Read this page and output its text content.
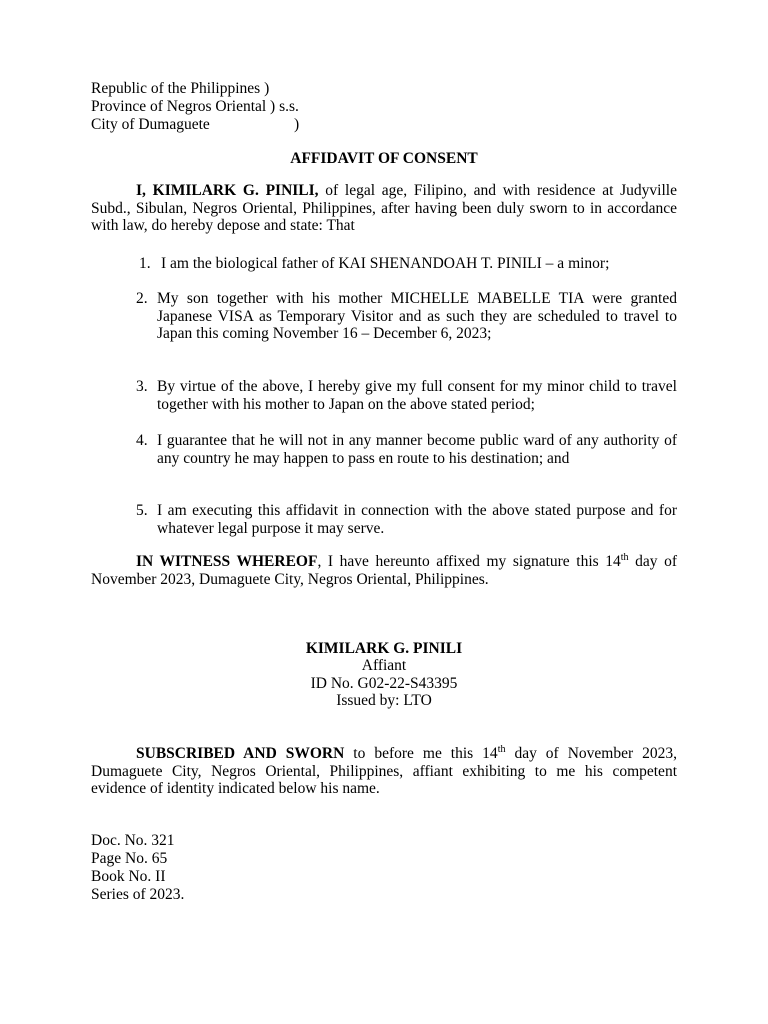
Republic of the Philippines )
Province of Negros Oriental ) s.s.
City of Dumaguete	)
AFFIDAVIT OF CONSENT
I, KIMILARK G. PINILI, of legal age, Filipino, and with residence at Judyville Subd., Sibulan, Negros Oriental, Philippines, after having been duly sworn to in accordance with law, do hereby depose and state: That
1. I am the biological father of KAI SHENANDOAH T. PINILI – a minor;
2. My son together with his mother MICHELLE MABELLE TIA were granted Japanese VISA as Temporary Visitor and as such they are scheduled to travel to Japan this coming November 16 – December 6, 2023;
3. By virtue of the above, I hereby give my full consent for my minor child to travel together with his mother to Japan on the above stated period;
4. I guarantee that he will not in any manner become public ward of any authority of any country he may happen to pass en route to his destination; and
5. I am executing this affidavit in connection with the above stated purpose and for whatever legal purpose it may serve.
IN WITNESS WHEREOF, I have hereunto affixed my signature this 14th day of November 2023, Dumaguete City, Negros Oriental, Philippines.
KIMILARK G. PINILI
Affiant
ID No. G02-22-S43395
Issued by: LTO
SUBSCRIBED AND SWORN to before me this 14th day of November 2023, Dumaguete City, Negros Oriental, Philippines, affiant exhibiting to me his competent evidence of identity indicated below his name.
Doc. No. 321
Page No. 65
Book No. II
Series of 2023.
